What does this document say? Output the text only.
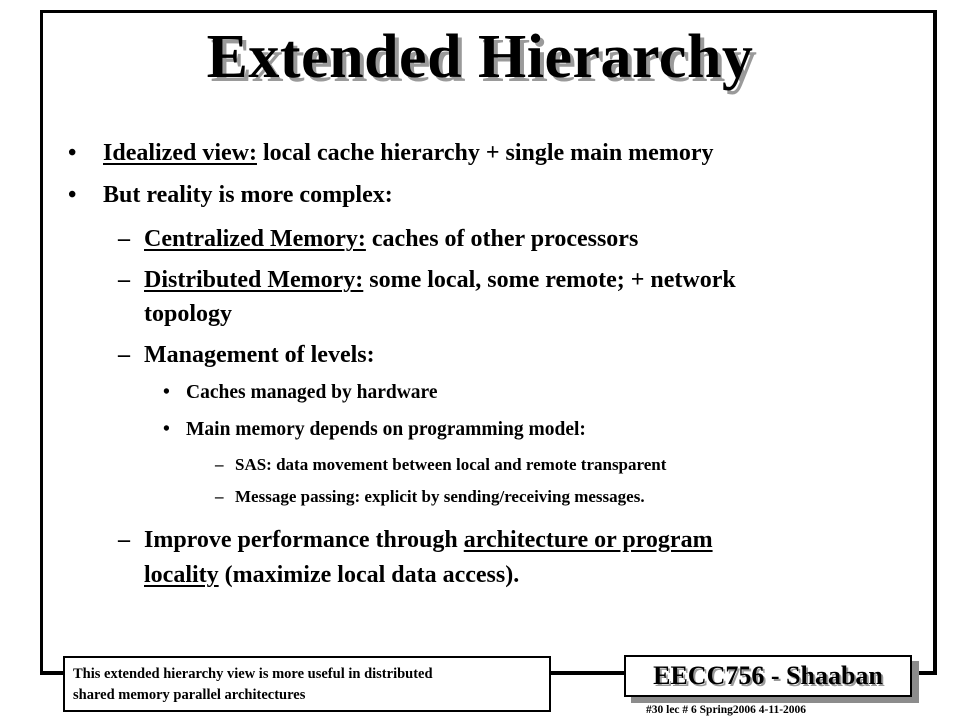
Extended Hierarchy
• Idealized view: local cache hierarchy + single main memory
• But reality is more complex:
– Centralized Memory: caches of other processors
– Distributed Memory: some local, some remote; + network
topology
– Management of levels:
• Caches managed by hardware
• Main memory depends on programming model:
– SAS: data movement between local and remote transparent
– Message passing: explicit by sending/receiving messages.
– Improve performance through architecture or program
locality (maximize local data access).
This extended hierarchy view is more useful in distributed
shared memory parallel architectures
EECC756 - Shaaban
#30 lec # 6 Spring2006 4-11-2006
